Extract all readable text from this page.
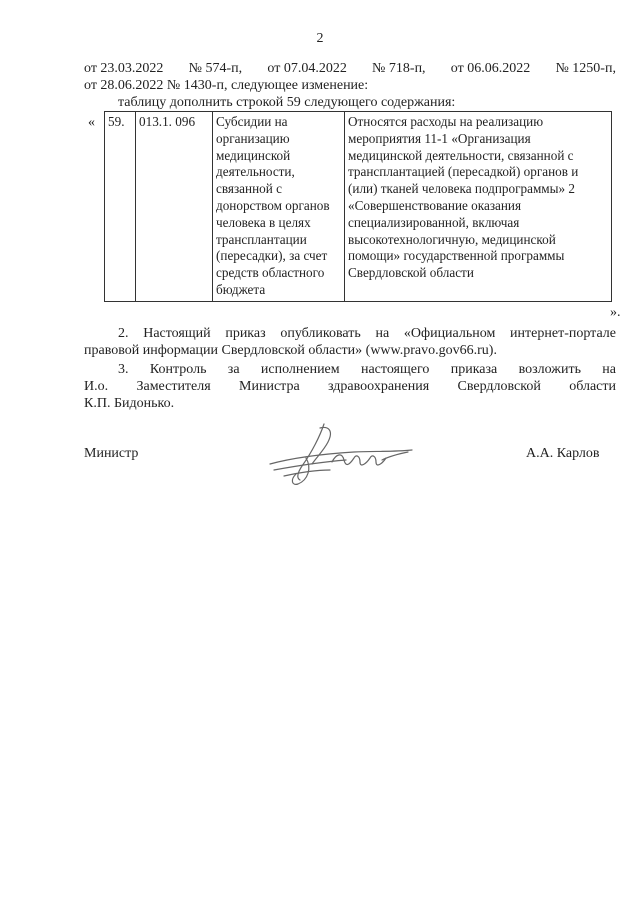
2
от 23.03.2022 № 574-п, от 07.04.2022 № 718-п, от 06.06.2022 № 1250-п,
от 28.06.2022 № 1430-п, следующее изменение:
таблицу дополнить строкой 59 следующего содержания:
« 59.	013.1. 096	Субсидии на организацию медицинской деятельности, связанной с донорством органов человека в целях трансплантации (пересадки), за счет средств областного бюджета	Относятся расходы на реализацию мероприятия 11-1 «Организация медицинской деятельности, связанной с трансплантацией (пересадкой) органов и (или) тканей человека подпрограммы» 2 «Совершенствование оказания специализированной, включая высокотехнологичную, медицинской помощи» государственной программы Свердловской области
».
2. Настоящий приказ опубликовать на «Официальном интернет-портале
правовой информации Свердловской области» (www.pravo.gov66.ru).
3. Контроль за исполнением настоящего приказа возложить на
И.о. Заместителя Министра здравоохранения Свердловской области
К.П. Бидонько.
Министр	А.А. Карлов
